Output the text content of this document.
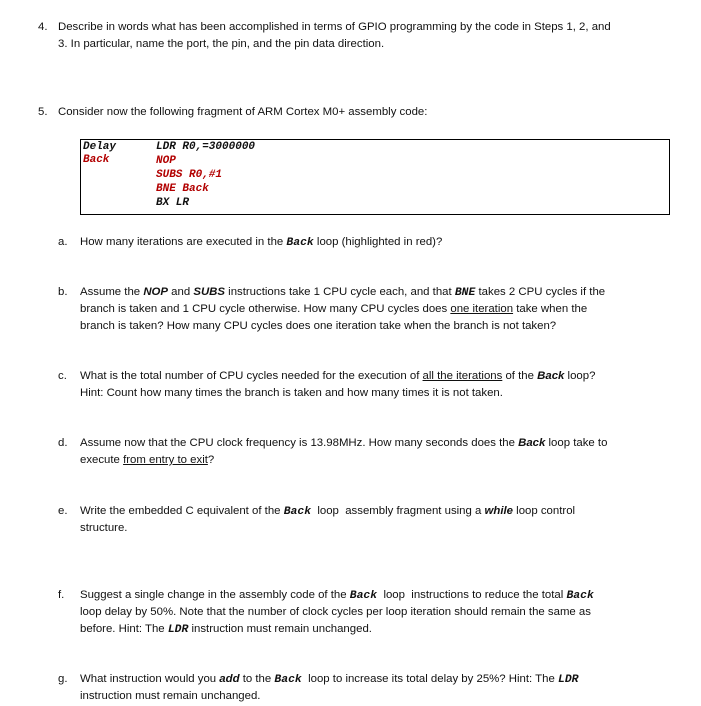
4. Describe in words what has been accomplished in terms of GPIO programming by the code in Steps 1, 2, and
3. In particular, name the port, the pin, and the pin data direction.
5. Consider now the following fragment of ARM Cortex M0+ assembly code:
Delay
Back
LDR R0,=3000000
NOP
SUBS R0,#1
BNE Back
BX LR
a. How many iterations are executed in the Back loop (highlighted in red)?
b. Assume the NOP and SUBS instructions take 1 CPU cycle each, and that BNE takes 2 CPU cycles if the
branch is taken and 1 CPU cycle otherwise. How many CPU cycles does one iteration take when the
branch is taken? How many CPU cycles does one iteration take when the branch is not taken?
c. What is the total number of CPU cycles needed for the execution of all the iterations of the Back loop?
Hint: Count how many times the branch is taken and how many times it is not taken.
d. Assume now that the CPU clock frequency is 13.98MHz. How many seconds does the Back loop take to
execute from entry to exit?
e. Write the embedded C equivalent of the Back  loop  assembly fragment using a while loop control
structure.
f. Suggest a single change in the assembly code of the Back  loop  instructions to reduce the total Back
loop delay by 50%. Note that the number of clock cycles per loop iteration should remain the same as
before. Hint: The LDR instruction must remain unchanged.
g. What instruction would you add to the Back  loop to increase its total delay by 25%? Hint: The LDR
instruction must remain unchanged.
